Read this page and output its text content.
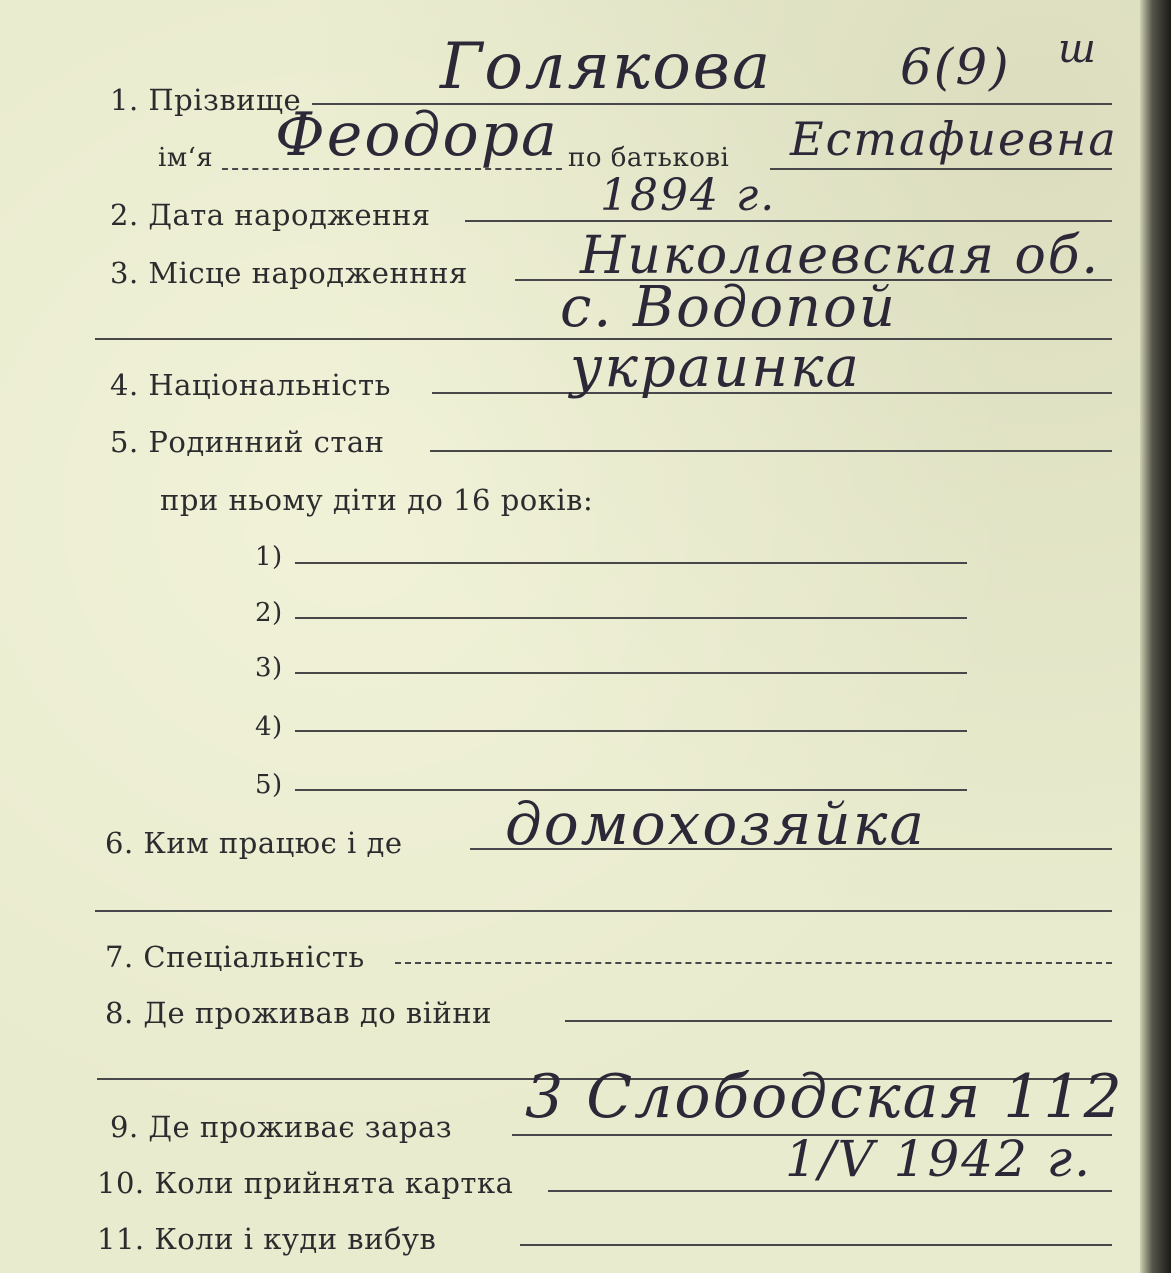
1. Прізвище Голякова	6(9) ш
ім‘я Феодора по батькові Естафиевна
2. Дата народження	1894 г.
3. Місце народженння Николаевская об.
с. Водопой
4. Національність	украинка
5. Родинний стан
при ньому діти до 16 років:
1)
2)
3)
4)
5)
6. Ким працює і де домохозяйка
7. Спеціальність
8. Де проживав до війни
9. Де проживає зараз 3 Слободская 112
10. Коли прийнята картка	1/V 1942 г.
11. Коли і куди вибув
